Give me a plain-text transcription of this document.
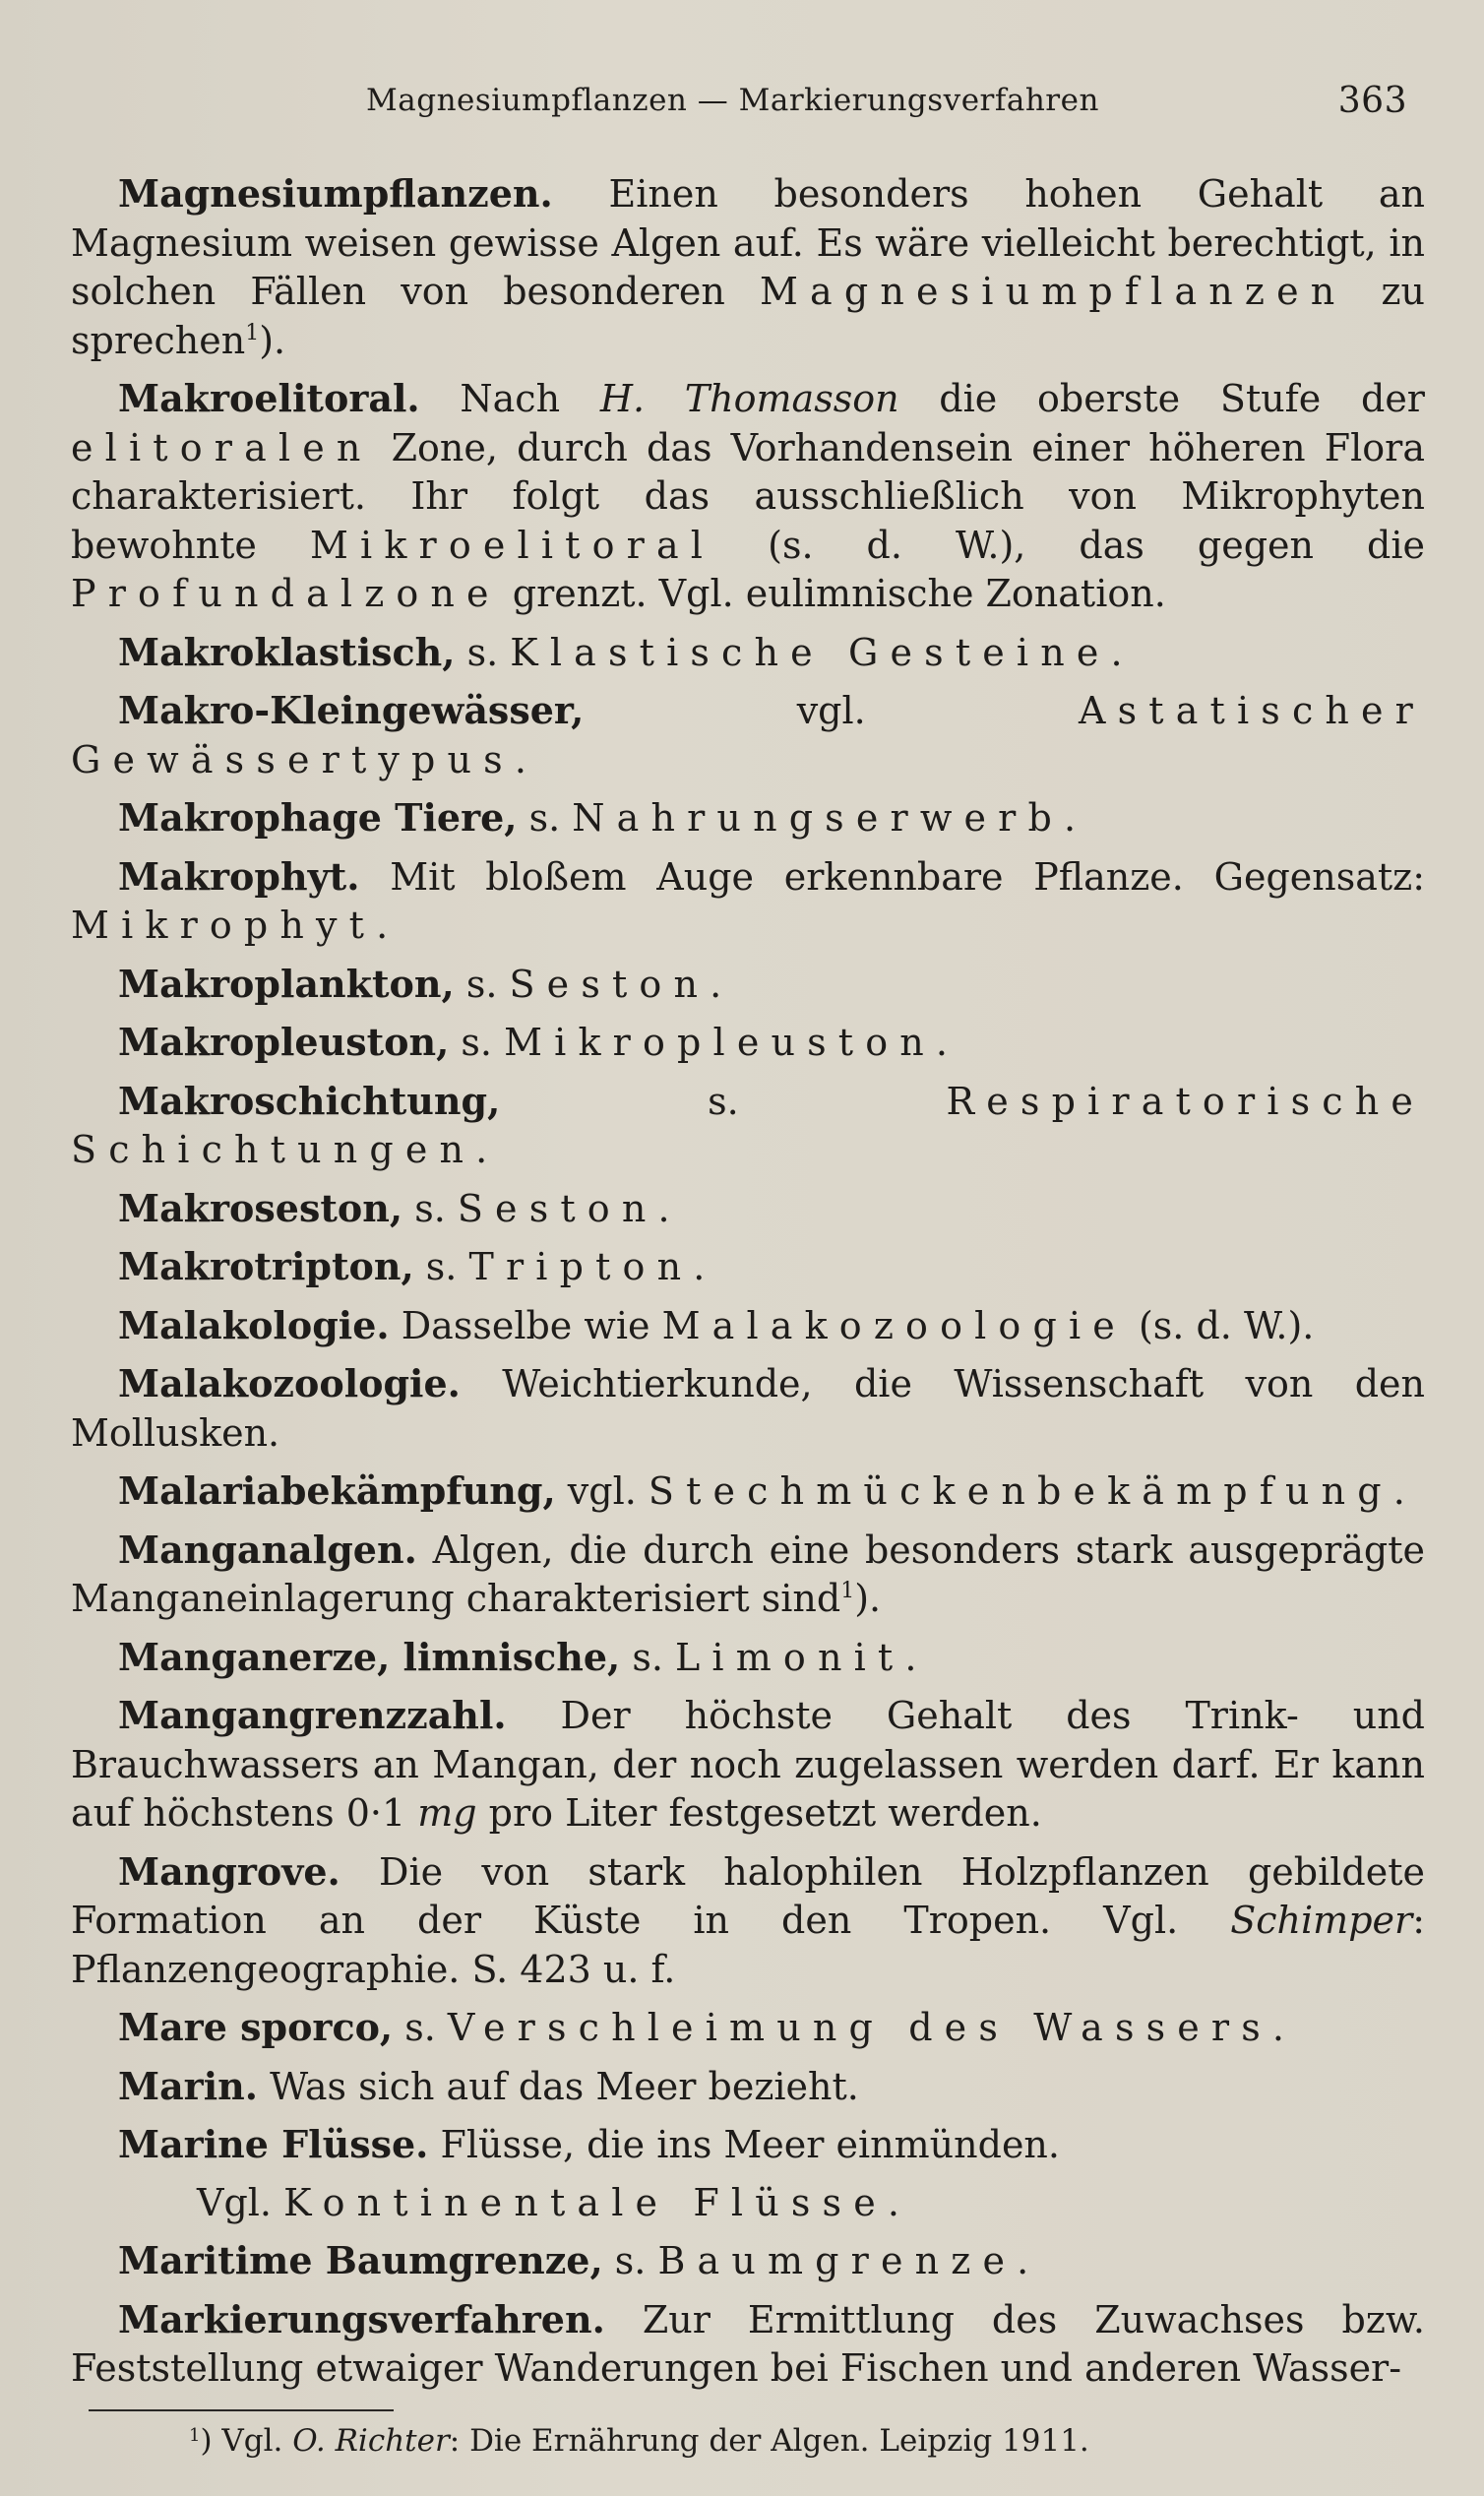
Magnesiumpflanzen — Markierungsverfahren	363

Magnesiumpflanzen. Einen besonders hohen Gehalt an Magnesium weisen gewisse Algen auf. Es wäre vielleicht berechtigt, in solchen Fällen von besonderen Magnesiumpflanzen zu sprechen$^1$).

Makroelitoral. Nach H. Thomasson die oberste Stufe der elitoralen Zone, durch das Vorhandensein einer höheren Flora charakterisiert. Ihr folgt das ausschließlich von Mikrophyten bewohnte Mikroelitoral (s. d. W.), das gegen die Profundalzone grenzt. Vgl. eulimnische Zonation.

Makroklastisch, s. Klastische Gesteine.

Makro-Kleingewässer, vgl. Astatischer Gewässertypus.

Makrophage Tiere, s. Nahrungserwerb.

Makrophyt. Mit bloßem Auge erkennbare Pflanze. Gegensatz: Mikrophyt.

Makroplankton, s. Seston.

Makropleuston, s. Mikropleuston.

Makroschichtung, s. Respiratorische Schichtungen.

Makroseston, s. Seston.

Makrotripton, s. Tripton.

Malakologie. Dasselbe wie Malakozoologie (s. d. W.).

Malakozoologie. Weichtierkunde, die Wissenschaft von den Mollusken.

Malariabekämpfung, vgl. Stechmückenbekämpfung.

Manganalgen. Algen, die durch eine besonders stark ausgeprägte Manganeinlagerung charakterisiert sind$^1$).

Manganerze, limnische, s. Limonit.

Mangangrenzzahl. Der höchste Gehalt des Trink- und Brauchwassers an Mangan, der noch zugelassen werden darf. Er kann auf höchstens 0·1 mg pro Liter festgesetzt werden.

Mangrove. Die von stark halophilen Holzpflanzen gebildete Formation an der Küste in den Tropen. Vgl. Schimper: Pflanzengeographie. S. 423 u. f.

Mare sporco, s. Verschleimung des Wassers.

Marin. Was sich auf das Meer bezieht.

Marine Flüsse. Flüsse, die ins Meer einmünden.

Vgl. Kontinentale Flüsse.

Maritime Baumgrenze, s. Baumgrenze.

Markierungsverfahren. Zur Ermittlung des Zuwachses bzw. Feststellung etwaiger Wanderungen bei Fischen und anderen Wasser-

$^1$) Vgl. O. Richter: Die Ernährung der Algen. Leipzig 1911.
